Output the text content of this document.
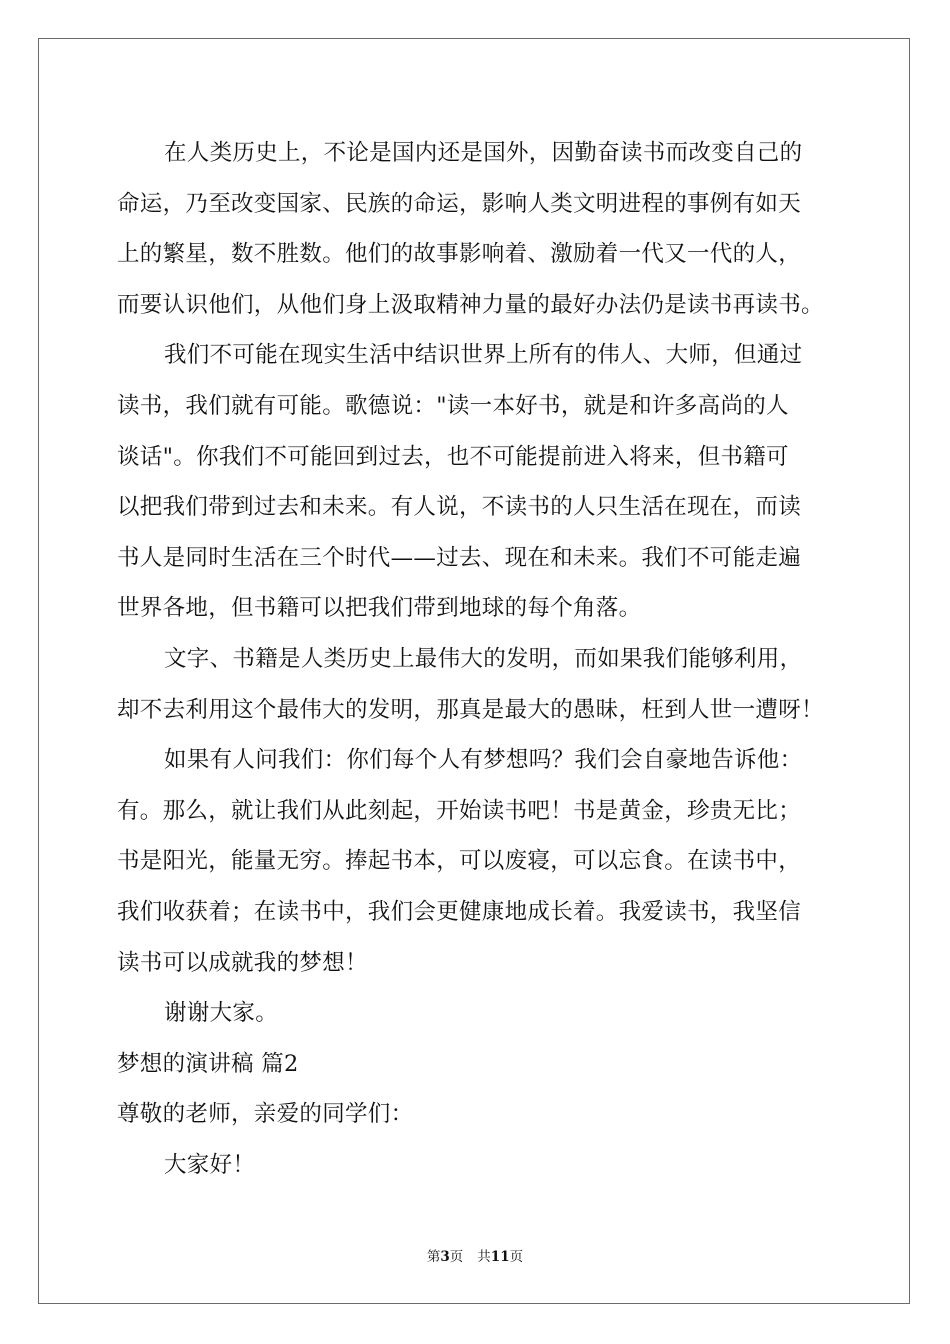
在人类历史上，不论是国内还是国外，因勤奋读书而改变自己的
命运，乃至改变国家、民族的命运，影响人类文明进程的事例有如天
上的繁星，数不胜数。他们的故事影响着、激励着一代又一代的人，
而要认识他们，从他们身上汲取精神力量的最好办法仍是读书再读书。
我们不可能在现实生活中结识世界上所有的伟人、大师，但通过
读书，我们就有可能。歌德说："读一本好书，就是和许多高尚的人
谈话"。你我们不可能回到过去，也不可能提前进入将来，但书籍可
以把我们带到过去和未来。有人说，不读书的人只生活在现在，而读
书人是同时生活在三个时代——过去、现在和未来。我们不可能走遍
世界各地，但书籍可以把我们带到地球的每个角落。
文字、书籍是人类历史上最伟大的发明，而如果我们能够利用，
却不去利用这个最伟大的发明，那真是最大的愚昧，枉到人世一遭呀！
如果有人问我们：你们每个人有梦想吗？我们会自豪地告诉他：
有。那么，就让我们从此刻起，开始读书吧！书是黄金，珍贵无比；
书是阳光，能量无穷。捧起书本，可以废寝，可以忘食。在读书中，
我们收获着；在读书中，我们会更健康地成长着。我爱读书，我坚信
读书可以成就我的梦想！
谢谢大家。
梦想的演讲稿 篇2
尊敬的老师，亲爱的同学们：
大家好！
第3页 共11页
